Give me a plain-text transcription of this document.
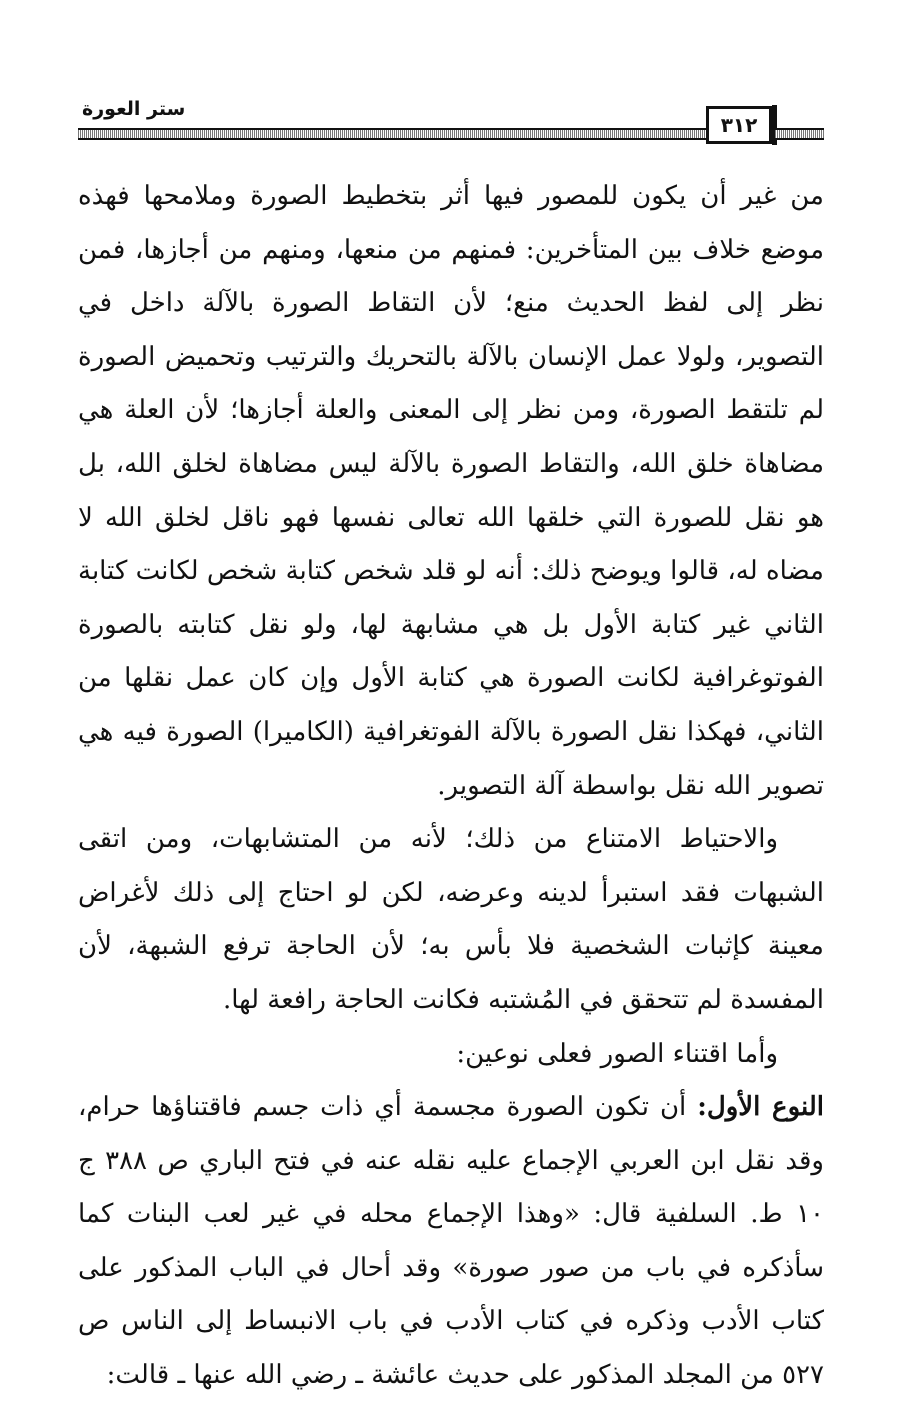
ستر العورة
٣١٢

من غير أن يكون للمصور فيها أثر بتخطيط الصورة وملامحها فهذه موضع خلاف بين المتأخرين: فمنهم من منعها، ومنهم من أجازها، فمن نظر إلى لفظ الحديث منع؛ لأن التقاط الصورة بالآلة داخل في التصوير، ولولا عمل الإنسان بالآلة بالتحريك والترتيب وتحميض الصورة لم تلتقط الصورة، ومن نظر إلى المعنى والعلة أجازها؛ لأن العلة هي مضاهاة خلق الله، والتقاط الصورة بالآلة ليس مضاهاة لخلق الله، بل هو نقل للصورة التي خلقها الله تعالى نفسها فهو ناقل لخلق الله لا مضاه له، قالوا ويوضح ذلك: أنه لو قلد شخص كتابة شخص لكانت كتابة الثاني غير كتابة الأول بل هي مشابهة لها، ولو نقل كتابته بالصورة الفوتوغرافية لكانت الصورة هي كتابة الأول وإن كان عمل نقلها من الثاني، فهكذا نقل الصورة بالآلة الفوتغرافية (الكاميرا) الصورة فيه هي تصوير الله نقل بواسطة آلة التصوير.

والاحتياط الامتناع من ذلك؛ لأنه من المتشابهات، ومن اتقى الشبهات فقد استبرأ لدينه وعرضه، لكن لو احتاج إلى ذلك لأغراض معينة كإثبات الشخصية فلا بأس به؛ لأن الحاجة ترفع الشبهة، لأن المفسدة لم تتحقق في المُشتبه فكانت الحاجة رافعة لها.

وأما اقتناء الصور فعلى نوعين:

النوع الأول: أن تكون الصورة مجسمة أي ذات جسم فاقتناؤها حرام، وقد نقل ابن العربي الإجماع عليه نقله عنه في فتح الباري ص ٣٨٨ ج ١٠ ط. السلفية قال: «وهذا الإجماع محله في غير لعب البنات كما سأذكره في باب من صور صورة» وقد أحال في الباب المذكور على كتاب الأدب وذكره في كتاب الأدب في باب الانبساط إلى الناس ص ٥٢٧ من المجلد المذكور على حديث عائشة ـ رضي الله عنها ـ قالت:
